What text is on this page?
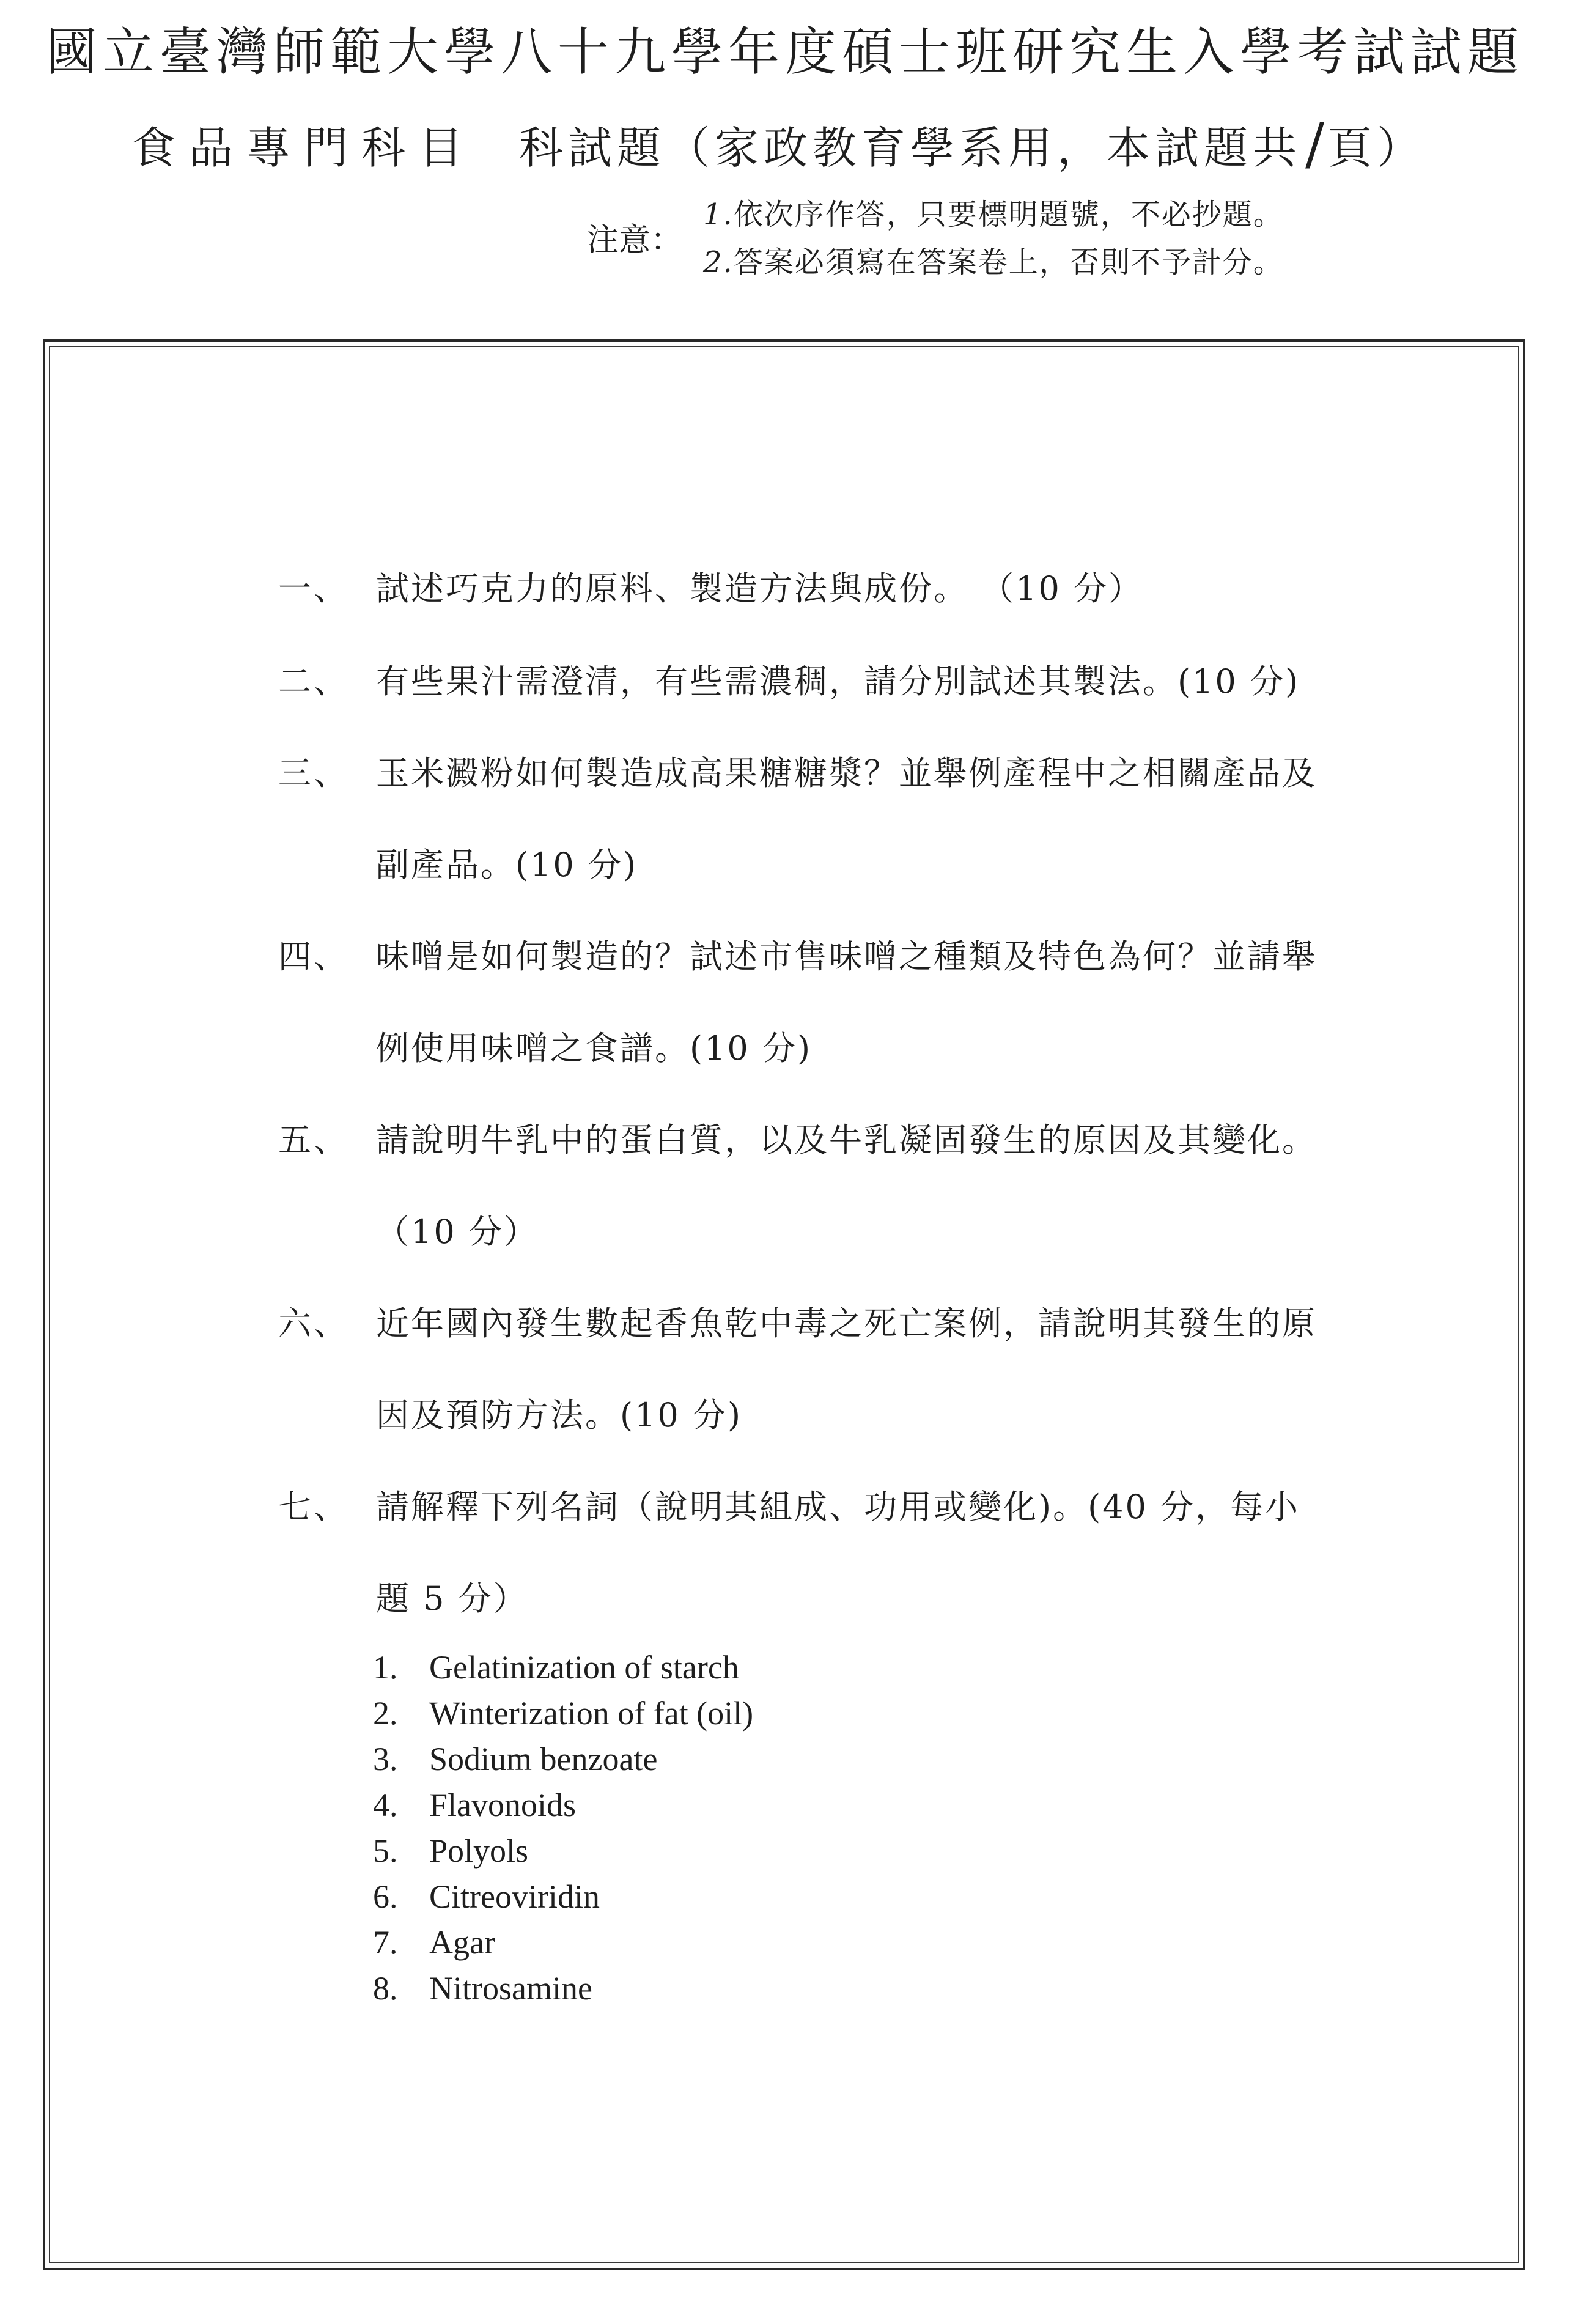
國立臺灣師範大學八十九學年度碩士班研究生入學考試試題
食品專門科目 科試題（家政教育學系用，本試題共/頁）
注意：
1.依次序作答，只要標明題號，不必抄題。
2.答案必須寫在答案卷上，否則不予計分。
一、 試述巧克力的原料、製造方法與成份。 （10 分）
二、 有些果汁需澄清，有些需濃稠，請分別試述其製法。(10 分)
三、 玉米澱粉如何製造成高果糖糖漿？並舉例產程中之相關產品及
副產品。(10 分)
四、 味噌是如何製造的？試述市售味噌之種類及特色為何？並請舉
例使用味噌之食譜。(10 分)
五、 請說明牛乳中的蛋白質，以及牛乳凝固發生的原因及其變化。
（10 分）
六、 近年國內發生數起香魚乾中毒之死亡案例，請說明其發生的原
因及預防方法。(10 分)
七、 請解釋下列名詞（說明其組成、功用或變化)。(40 分，每小
題 5 分）
1. Gelatinization of starch
2. Winterization of fat (oil)
3. Sodium benzoate
4. Flavonoids
5. Polyols
6. Citreoviridin
7. Agar
8. Nitrosamine
